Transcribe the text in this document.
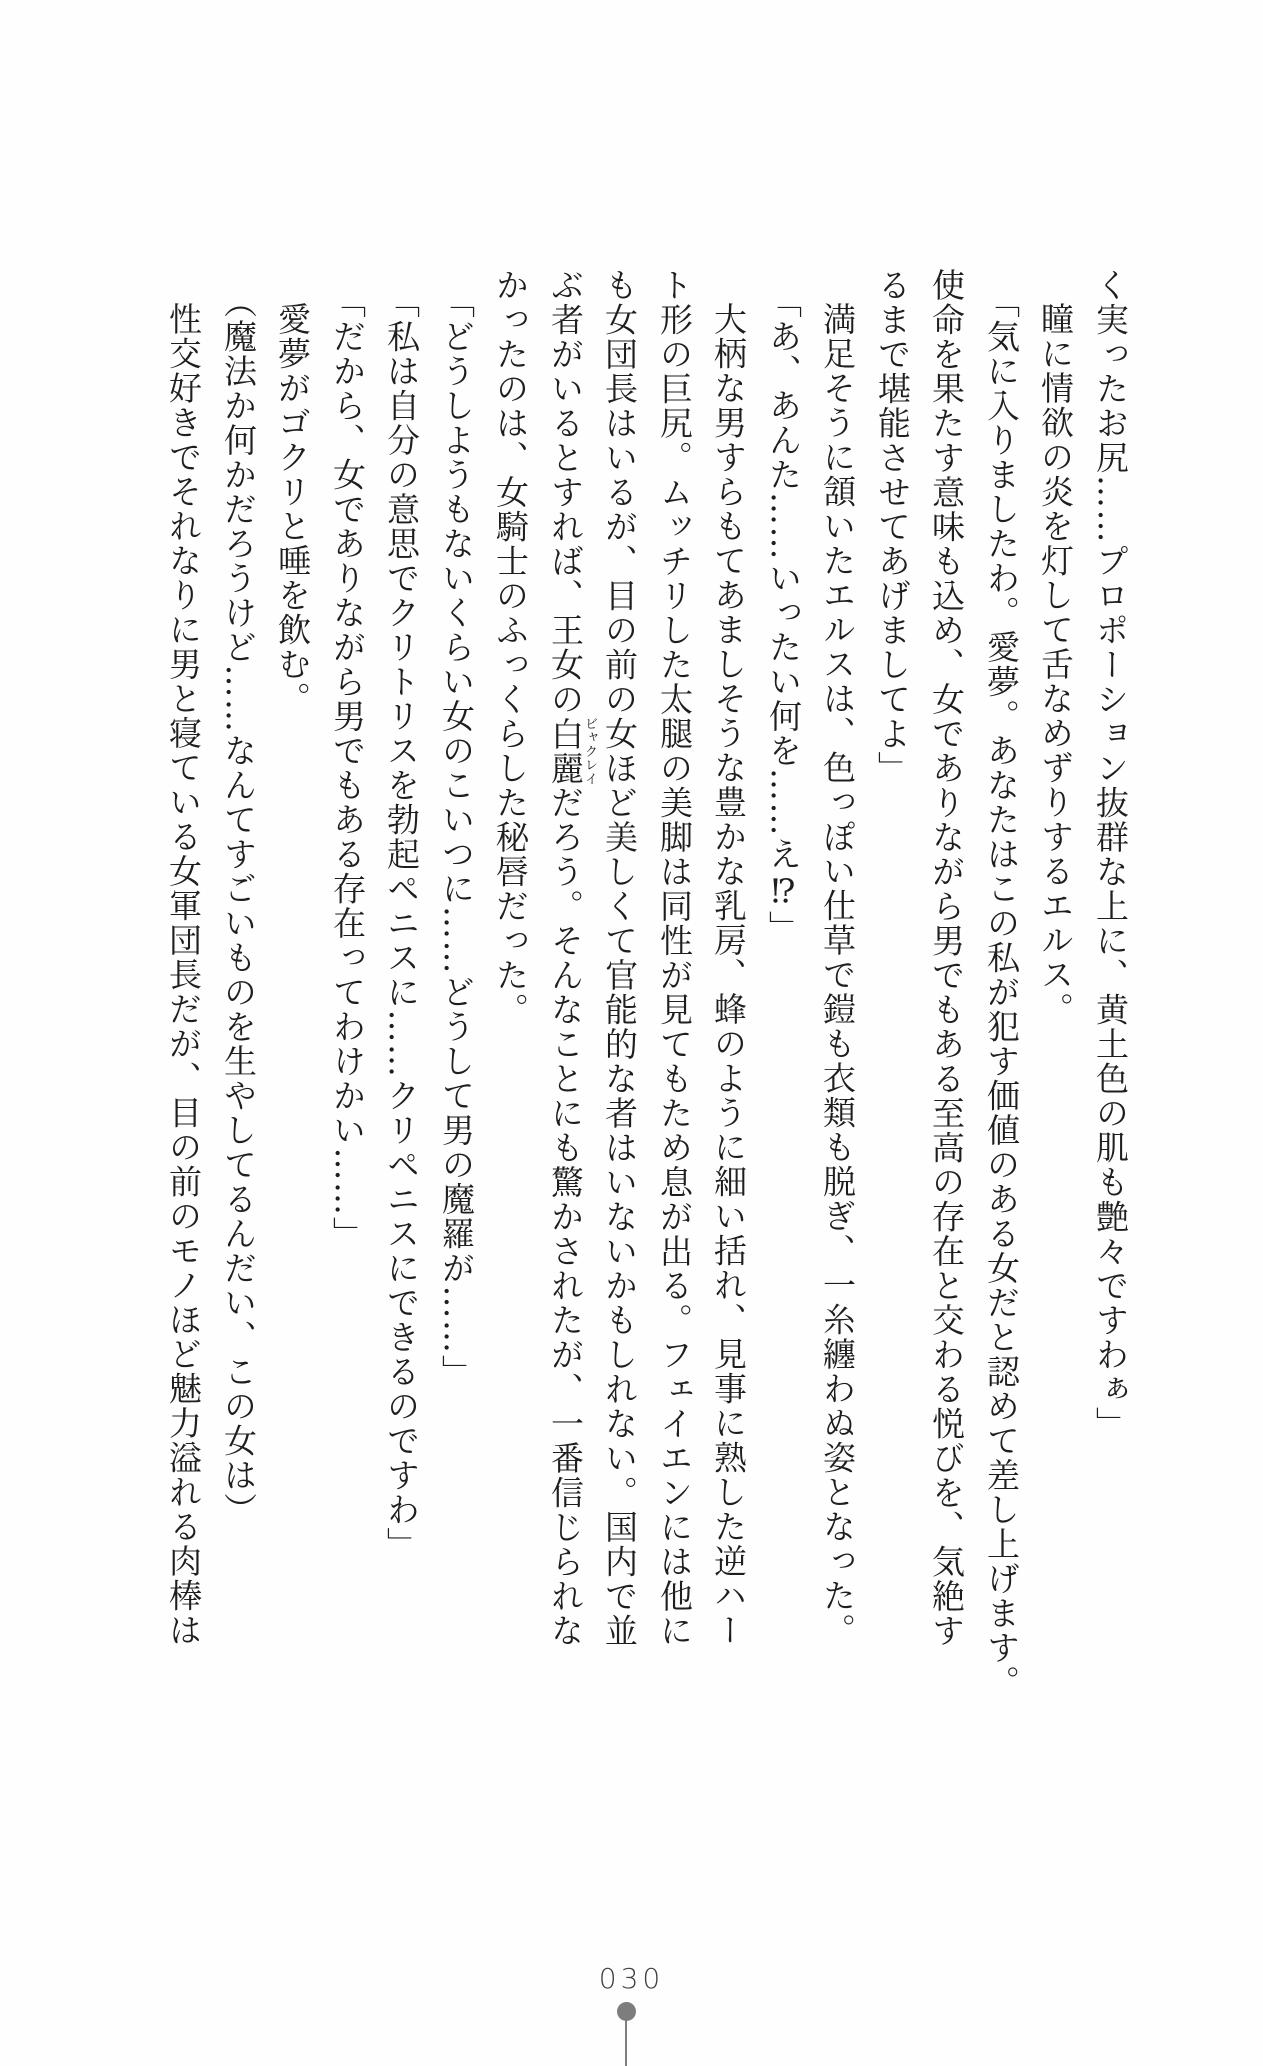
く実ったお尻……プロポーション抜群な上に、黄土色の肌も艶々ですわぁ」
瞳に情欲の炎を灯して舌なめずりするエルス。
「気に入りましたわ。愛夢。あなたはこの私が犯す価値のある女だと認めて差し上げます。
使命を果たす意味も込め、女でありながら男でもある至高の存在と交わる悦びを、気絶す
るまで堪能させてあげましてよ」
満足そうに頷いたエルスは、色っぽい仕草で鎧も衣類も脱ぎ、一糸纏わぬ姿となった。
「あ、あんた……いったい何を……え⁉」
大柄な男すらもてあましそうな豊かな乳房、蜂のように細い括れ、見事に熟した逆ハー
ト形の巨尻。ムッチリした太腿の美脚は同性が見てもため息が出る。フェイエンには他に
も女団長はいるが、目の前の女ほど美しくて官能的な者はいないかもしれない。国内で並
ぶ者がいるとすれば、王女の白麗ビャクレイだろう。そんなことにも驚かされたが、一番信じられな
かったのは、女騎士のふっくらした秘唇だった。
「どうしようもないくらい女のこいつに……どうして男の魔羅が……」
「私は自分の意思でクリトリスを勃起ペニスに……クリペニスにできるのですわ」
「だから、女でありながら男でもある存在ってわけかい……」
愛夢がゴクリと唾を飲む。
（魔法か何かだろうけど……なんてすごいものを生やしてるんだい、この女は）
性交好きでそれなりに男と寝ている女軍団長だが、目の前のモノほど魅力溢れる肉棒は
030
